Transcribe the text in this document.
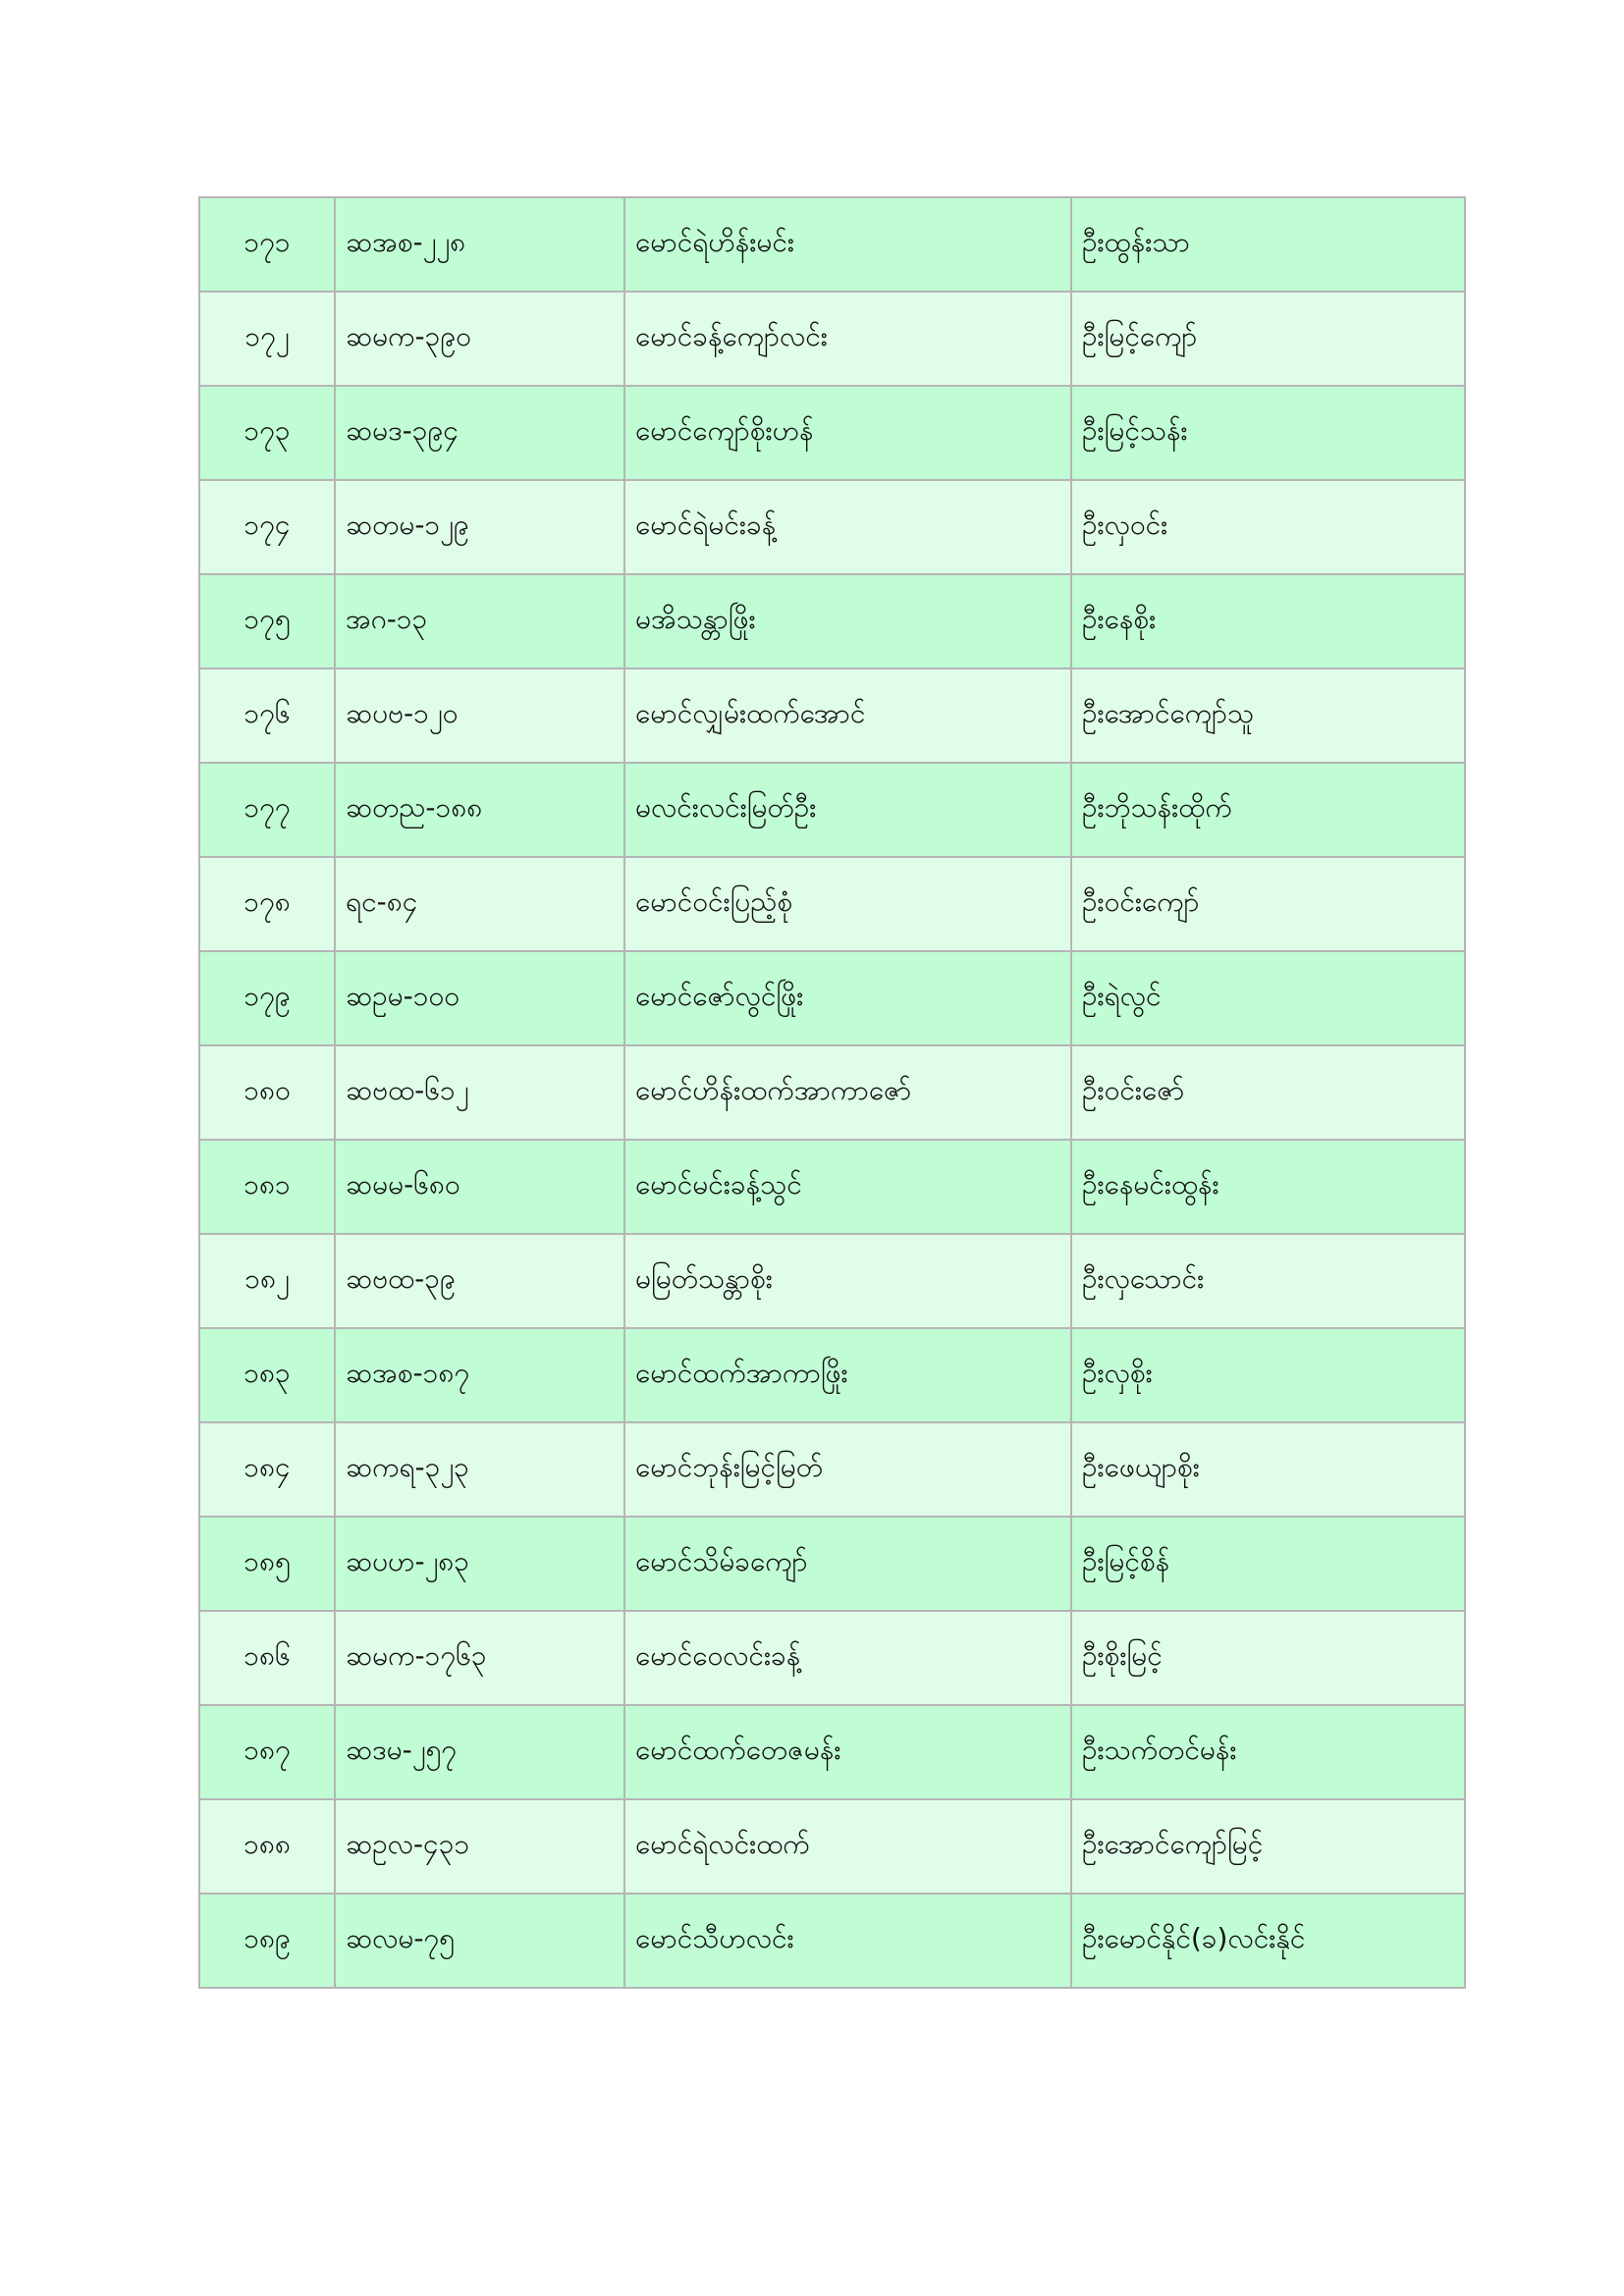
၁၇၁	ဆအစ-၂၂၈	မောင်ရဲဟိန်းမင်း	ဦးထွန်းသာ
၁၇၂	ဆမက-၃၉၀	မောင်ခန့်ကျော်လင်း	ဦးမြင့်ကျော်
၁၇၃	ဆမဒ-၃၉၄	မောင်ကျော်စိုးဟန်	ဦးမြင့်သန်း
၁၇၄	ဆတမ-၁၂၉	မောင်ရဲမင်းခန့်	ဦးလှဝင်း
၁၇၅	အဂ-၁၃	မအိသန္တာဖြိုး	ဦးနေစိုး
၁၇၆	ဆပဗ-၁၂၀	မောင်လျှမ်းထက်အောင်	ဦးအောင်ကျော်သူ
၁၇၇	ဆတည-၁၈၈	မလင်းလင်းမြတ်ဦး	ဦးဘိုသန်းထိုက်
၁၇၈	ရင-၈၄	မောင်ဝင်းပြည့်စုံ	ဦးဝင်းကျော်
၁၇၉	ဆဥမ-၁၀၀	မောင်ဇော်လွင်ဖြိုး	ဦးရဲလွင်
၁၈၀	ဆဗထ-၆၁၂	မောင်ဟိန်းထက်အာကာဇော်	ဦးဝင်းဇော်
၁၈၁	ဆမမ-၆၈၀	မောင်မင်းခန့်သွင်	ဦးနေမင်းထွန်း
၁၈၂	ဆဗထ-၃၉	မမြတ်သန္တာစိုး	ဦးလှသောင်း
၁၈၃	ဆအစ-၁၈၇	မောင်ထက်အာကာဖြိုး	ဦးလှစိုး
၁၈၄	ဆကရ-၃၂၃	မောင်ဘုန်းမြင့်မြတ်	ဦးဖေယျာစိုး
၁၈၅	ဆပဟ-၂၈၃	မောင်သိမ်ခကျော်	ဦးမြင့်စိန်
၁၈၆	ဆမက-၁၇၆၃	မောင်ဝေလင်းခန့်	ဦးစိုးမြင့်
၁၈၇	ဆဒမ-၂၅၇	မောင်ထက်တေဇမန်း	ဦးသက်တင်မန်း
၁၈၈	ဆဥလ-၄၃၁	မောင်ရဲလင်းထက်	ဦးအောင်ကျော်မြင့်
၁၈၉	ဆလမ-၇၅	မောင်သီဟလင်း	ဦးမောင်နိုင်(ခ)လင်းနိုင်
